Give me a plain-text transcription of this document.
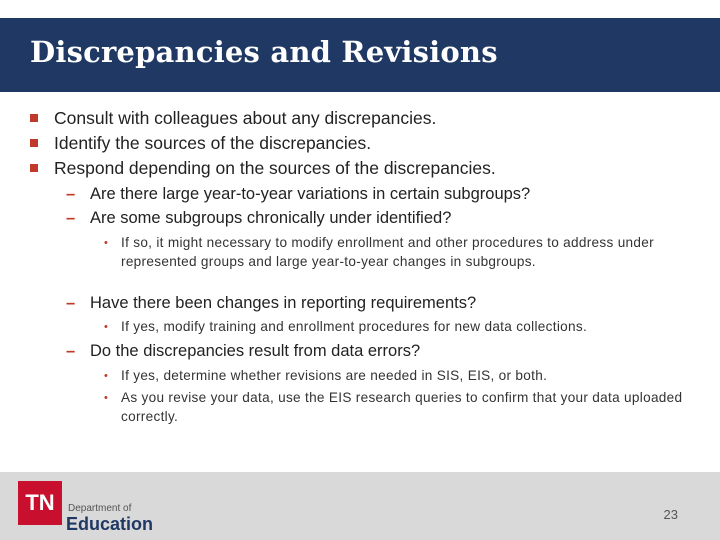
Discrepancies and Revisions
Consult with colleagues about any discrepancies.
Identify the sources of the discrepancies.
Respond depending on the sources of the discrepancies.
– Are there large year-to-year variations in certain subgroups?
– Are some subgroups chronically under identified?
• If so, it might necessary to modify enrollment and other procedures to address under represented groups and large year-to-year changes in subgroups.
– Have there been changes in reporting requirements?
• If yes, modify training and enrollment procedures for new data collections.
– Do the discrepancies result from data errors?
• If yes, determine whether revisions are needed in SIS, EIS, or both.
• As you revise your data, use the EIS research queries to confirm that your data uploaded correctly.
TN	Department of
Education	23
